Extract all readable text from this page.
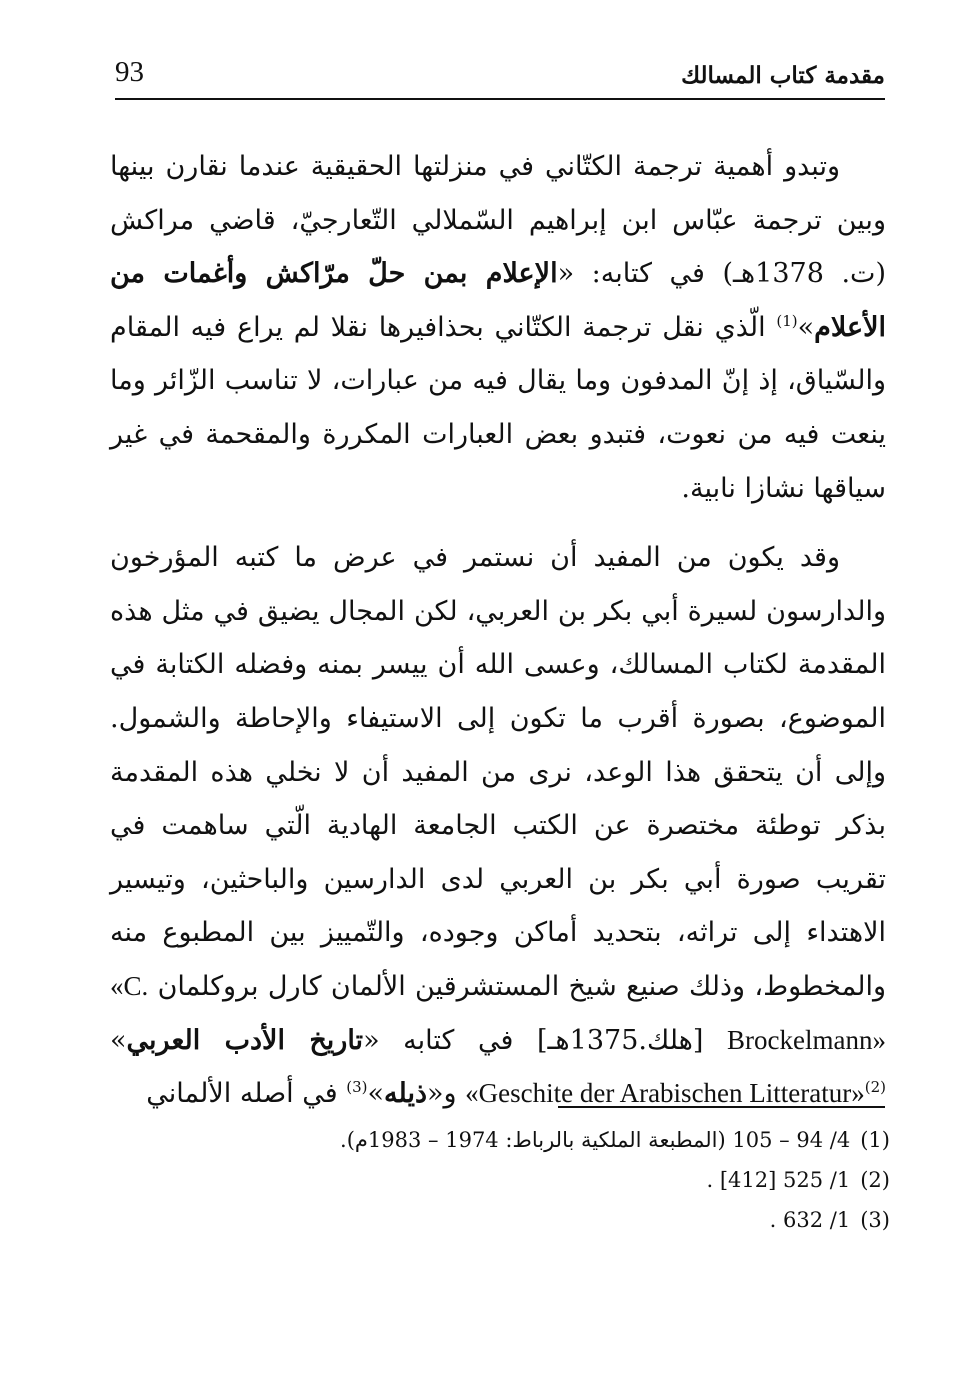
93	مقدمة كتاب المسالك

وتبدو أهمية ترجمة الكتّاني في منزلتها الحقيقية عندما نقارن بينها وبين ترجمة عبّاس ابن إبراهيم السّملالي التّعارجيّ، قاضي مراكش (ت. 1378هـ) في كتابه: «الإعلام بمن حلّ مرّاكش وأغمات من الأعلام»$^{(1)}$ الّذي نقل ترجمة الكتّاني بحذافيرها نقلا لم يراع فيه المقام والسّياق، إذ إنّ المدفون وما يقال فيه من عبارات، لا تناسب الزّائر وما ينعت فيه من نعوت، فتبدو بعض العبارات المكررة والمقحمة في غير سياقها نشازا نابية.

وقد يكون من المفيد أن نستمر في عرض ما كتبه المؤرخون والدارسون لسيرة أبي بكر بن العربي، لكن المجال يضيق في مثل هذه المقدمة لكتاب المسالك، وعسى الله أن ييسر بمنه وفضله الكتابة في الموضوع، بصورة أقرب ما تكون إلى الاستيفاء والإحاطة والشمول. وإلى أن يتحقق هذا الوعد، نرى من المفيد أن لا نخلي هذه المقدمة بذكر توطئة مختصرة عن الكتب الجامعة الهادية الّتي ساهمت في تقريب صورة أبي بكر بن العربي لدى الدارسين والباحثين، وتيسير الاهتداء إلى تراثه، بتحديد أماكن وجوده، والتّمييز بين المطبوع منه والمخطوط، وذلك صنيع شيخ المستشرقين الألمان كارل بروكلمان «C. Brockelmann» [هلك.1375هـ] في كتابه «تاريخ الأدب العربي» «Geschite der Arabischen Litteratur»$^{(2)}$ و«ذيله»$^{(3)}$ في أصله الألماني

(1)4/ 94 – 105 (المطبعة الملكية بالرباط: 1974 – 1983م).
(2)1/ 525 [412] .
(3)1/ 632 .
